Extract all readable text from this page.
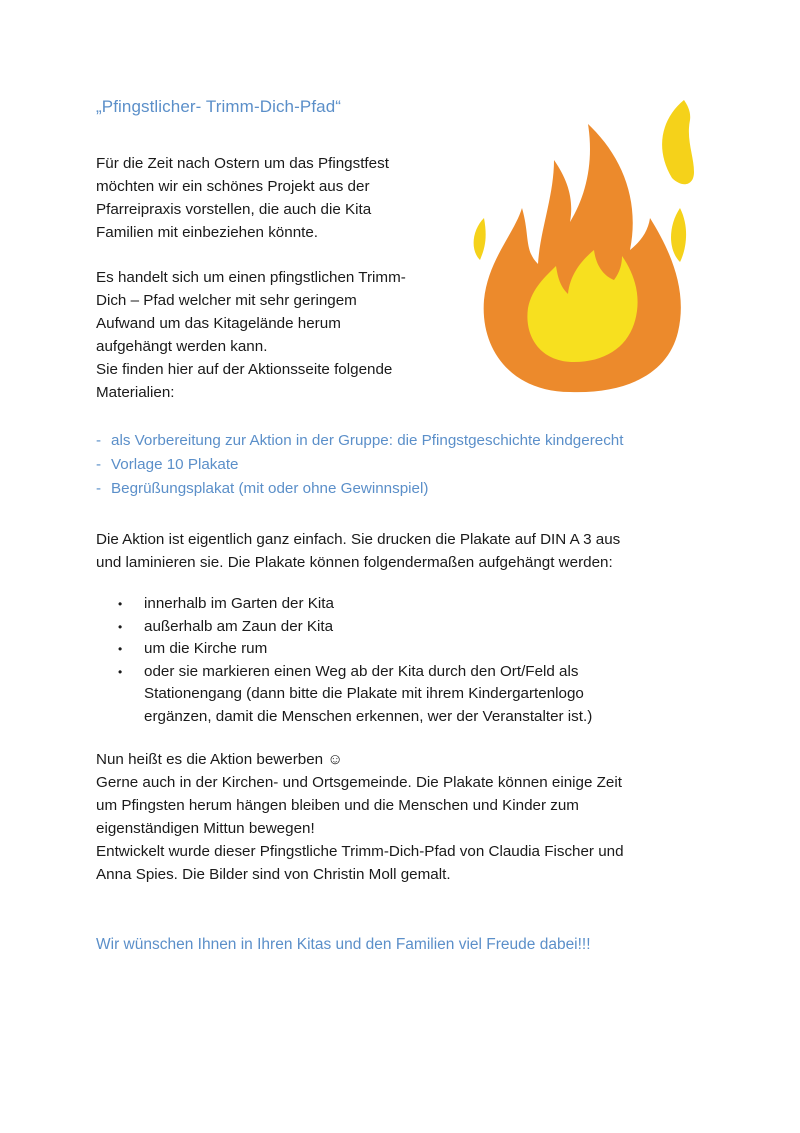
„Pfingstlicher- Trimm-Dich-Pfad“
Für die Zeit nach Ostern um das Pfingstfest
möchten wir ein schönes Projekt aus der
Pfarreipraxis vorstellen, die auch die Kita
Familien mit einbeziehen könnte.
Es handelt sich um einen pfingstlichen Trimm-
Dich – Pfad welcher mit sehr geringem
Aufwand um das Kitagelände herum
aufgehängt werden kann.
Sie finden hier auf der Aktionsseite folgende
Materialien:
- als Vorbereitung zur Aktion in der Gruppe: die Pfingstgeschichte kindgerecht
- Vorlage 10 Plakate
- Begrüßungsplakat (mit oder ohne Gewinnspiel)
Die Aktion ist eigentlich ganz einfach. Sie drucken die Plakate auf DIN A 3 aus
und laminieren sie. Die Plakate können folgendermaßen aufgehängt werden:
• innerhalb im Garten der Kita
• außerhalb am Zaun der Kita
• um die Kirche rum
• oder sie markieren einen Weg ab der Kita durch den Ort/Feld als
Stationengang (dann bitte die Plakate mit ihrem Kindergartenlogo
ergänzen, damit die Menschen erkennen, wer der Veranstalter ist.)
Nun heißt es die Aktion bewerben ☺
Gerne auch in der Kirchen- und Ortsgemeinde. Die Plakate können einige Zeit
um Pfingsten herum hängen bleiben und die Menschen und Kinder zum
eigenständigen Mittun bewegen!
Entwickelt wurde dieser Pfingstliche Trimm-Dich-Pfad von Claudia Fischer und
Anna Spies. Die Bilder sind von Christin Moll gemalt.
Wir wünschen Ihnen in Ihren Kitas und den Familien viel Freude dabei!!!
